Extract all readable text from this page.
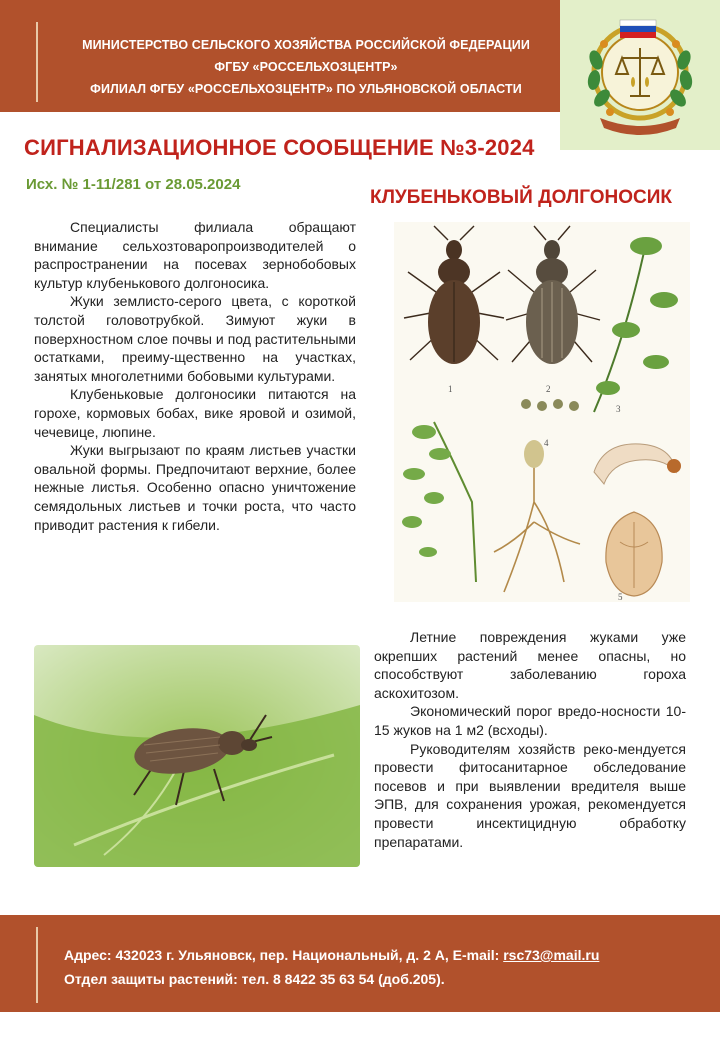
МИНИСТЕРСТВО СЕЛЬСКОГО ХОЗЯЙСТВА РОССИЙСКОЙ ФЕДЕРАЦИИ
ФГБУ «РОССЕЛЬХОЗЦЕНТР»
ФИЛИАЛ ФГБУ «РОССЕЛЬХОЗЦЕНТР» ПО УЛЬЯНОВСКОЙ ОБЛАСТИ
СИГНАЛИЗАЦИОННОЕ СООБЩЕНИЕ №3-2024
Исх. № 1-11/281 от 28.05.2024
КЛУБЕНЬКОВЫЙ ДОЛГОНОСИК

Специалисты филиала обращают внимание сельхозтоваропроизводителей о распространении на посевах зернобобовых культур клубенькового долгоносика.

Жуки землисто-серого цвета, с короткой толстой головотрубкой. Зимуют жуки в поверхностном слое почвы и под растительными остатками, преиму-щественно на участках, занятых многолетними бобовыми культурами.

Клубеньковые долгоносики питаются на горохе, кормовых бобах, вике яровой и озимой, чечевице, люпине.

Жуки выгрызают по краям листьев участки овальной формы. Предпочитают верхние, более нежные листья. Особенно опасно уничтожение семядольных листьев и точки роста, что часто приводит растения к гибели.

1	2
3
4
5

Летние повреждения жуками уже окрепших растений менее опасны, но способствуют заболеванию гороха аскохитозом.

Экономический порог вредо-носности 10-15 жуков на 1 м2 (всходы).

Руководителям хозяйств реко-мендуется провести фитосанитарное обследование посевов и при выявлении вредителя выше ЭПВ, для сохранения урожая, рекомендуется провести инсектицидную обработку препаратами.

Адрес: 432023 г. Ульяновск, пер. Национальный, д. 2 А, E-mail: rsc73@mail.ru
Отдел защиты растений: тел. 8 8422 35 63 54 (доб.205).
